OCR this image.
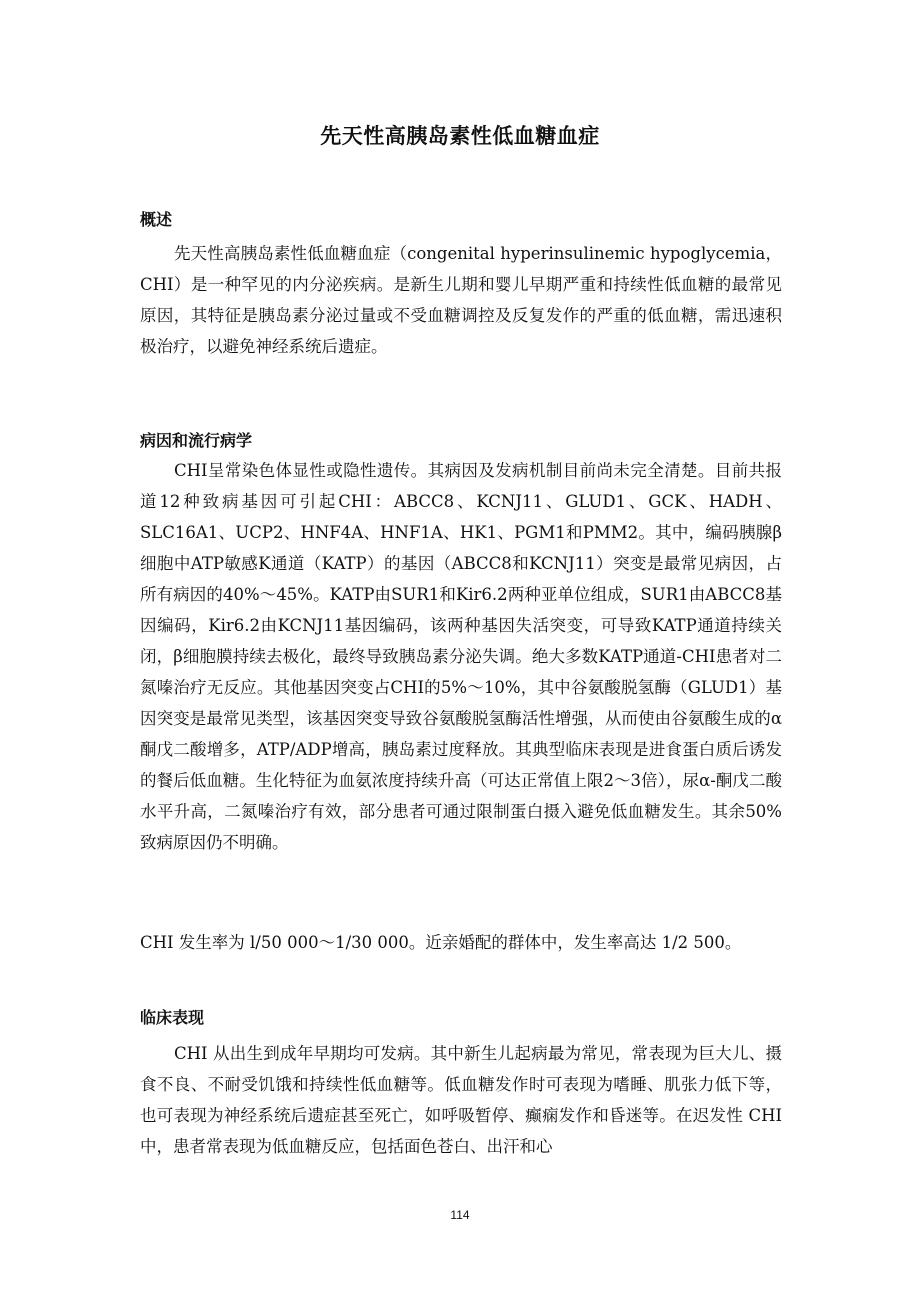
先天性高胰岛素性低血糖血症
概述

先天性高胰岛素性低血糖血症（congenital hyperinsulinemic hypoglycemia，CHI）是一种罕见的内分泌疾病。是新生儿期和婴儿早期严重和持续性低血糖的最常见原因，其特征是胰岛素分泌过量或不受血糖调控及反复发作的严重的低血糖，需迅速积极治疗，以避免神经系统后遗症。

病因和流行病学

CHI呈常染色体显性或隐性遗传。其病因及发病机制目前尚未完全清楚。目前共报道12种致病基因可引起CHI：ABCC8、KCNJ11、GLUD1、GCK、HADH、SLC16A1、UCP2、HNF4A、HNF1A、HK1、PGM1和PMM2。其中，编码胰腺β细胞中ATP敏感K通道（KATP）的基因（ABCC8和KCNJ11）突变是最常见病因，占所有病因的40%～45%。KATP由SUR1和Kir6.2两种亚单位组成，SUR1由ABCC8基因编码，Kir6.2由KCNJ11基因编码，该两种基因失活突变，可导致KATP通道持续关闭，β细胞膜持续去极化，最终导致胰岛素分泌失调。绝大多数KATP通道-CHI患者对二氮嗪治疗无反应。其他基因突变占CHI的5%～10%，其中谷氨酸脱氢酶（GLUD1）基因突变是最常见类型，该基因突变导致谷氨酸脱氢酶活性增强，从而使由谷氨酸生成的α酮戊二酸增多，ATP/ADP增高，胰岛素过度释放。其典型临床表现是进食蛋白质后诱发的餐后低血糖。生化特征为血氨浓度持续升高（可达正常值上限2～3倍），尿α-酮戊二酸水平升高，二氮嗪治疗有效，部分患者可通过限制蛋白摄入避免低血糖发生。其余50%致病原因仍不明确。

CHI 发生率为 l/50 000～1/30 000。近亲婚配的群体中，发生率高达 1/2 500。

临床表现

CHI 从出生到成年早期均可发病。其中新生儿起病最为常见，常表现为巨大儿、摄食不良、不耐受饥饿和持续性低血糖等。低血糖发作时可表现为嗜睡、肌张力低下等，也可表现为神经系统后遗症甚至死亡，如呼吸暂停、癫痫发作和昏迷等。在迟发性 CHI 中，患者常表现为低血糖反应，包括面色苍白、出汗和心

114
